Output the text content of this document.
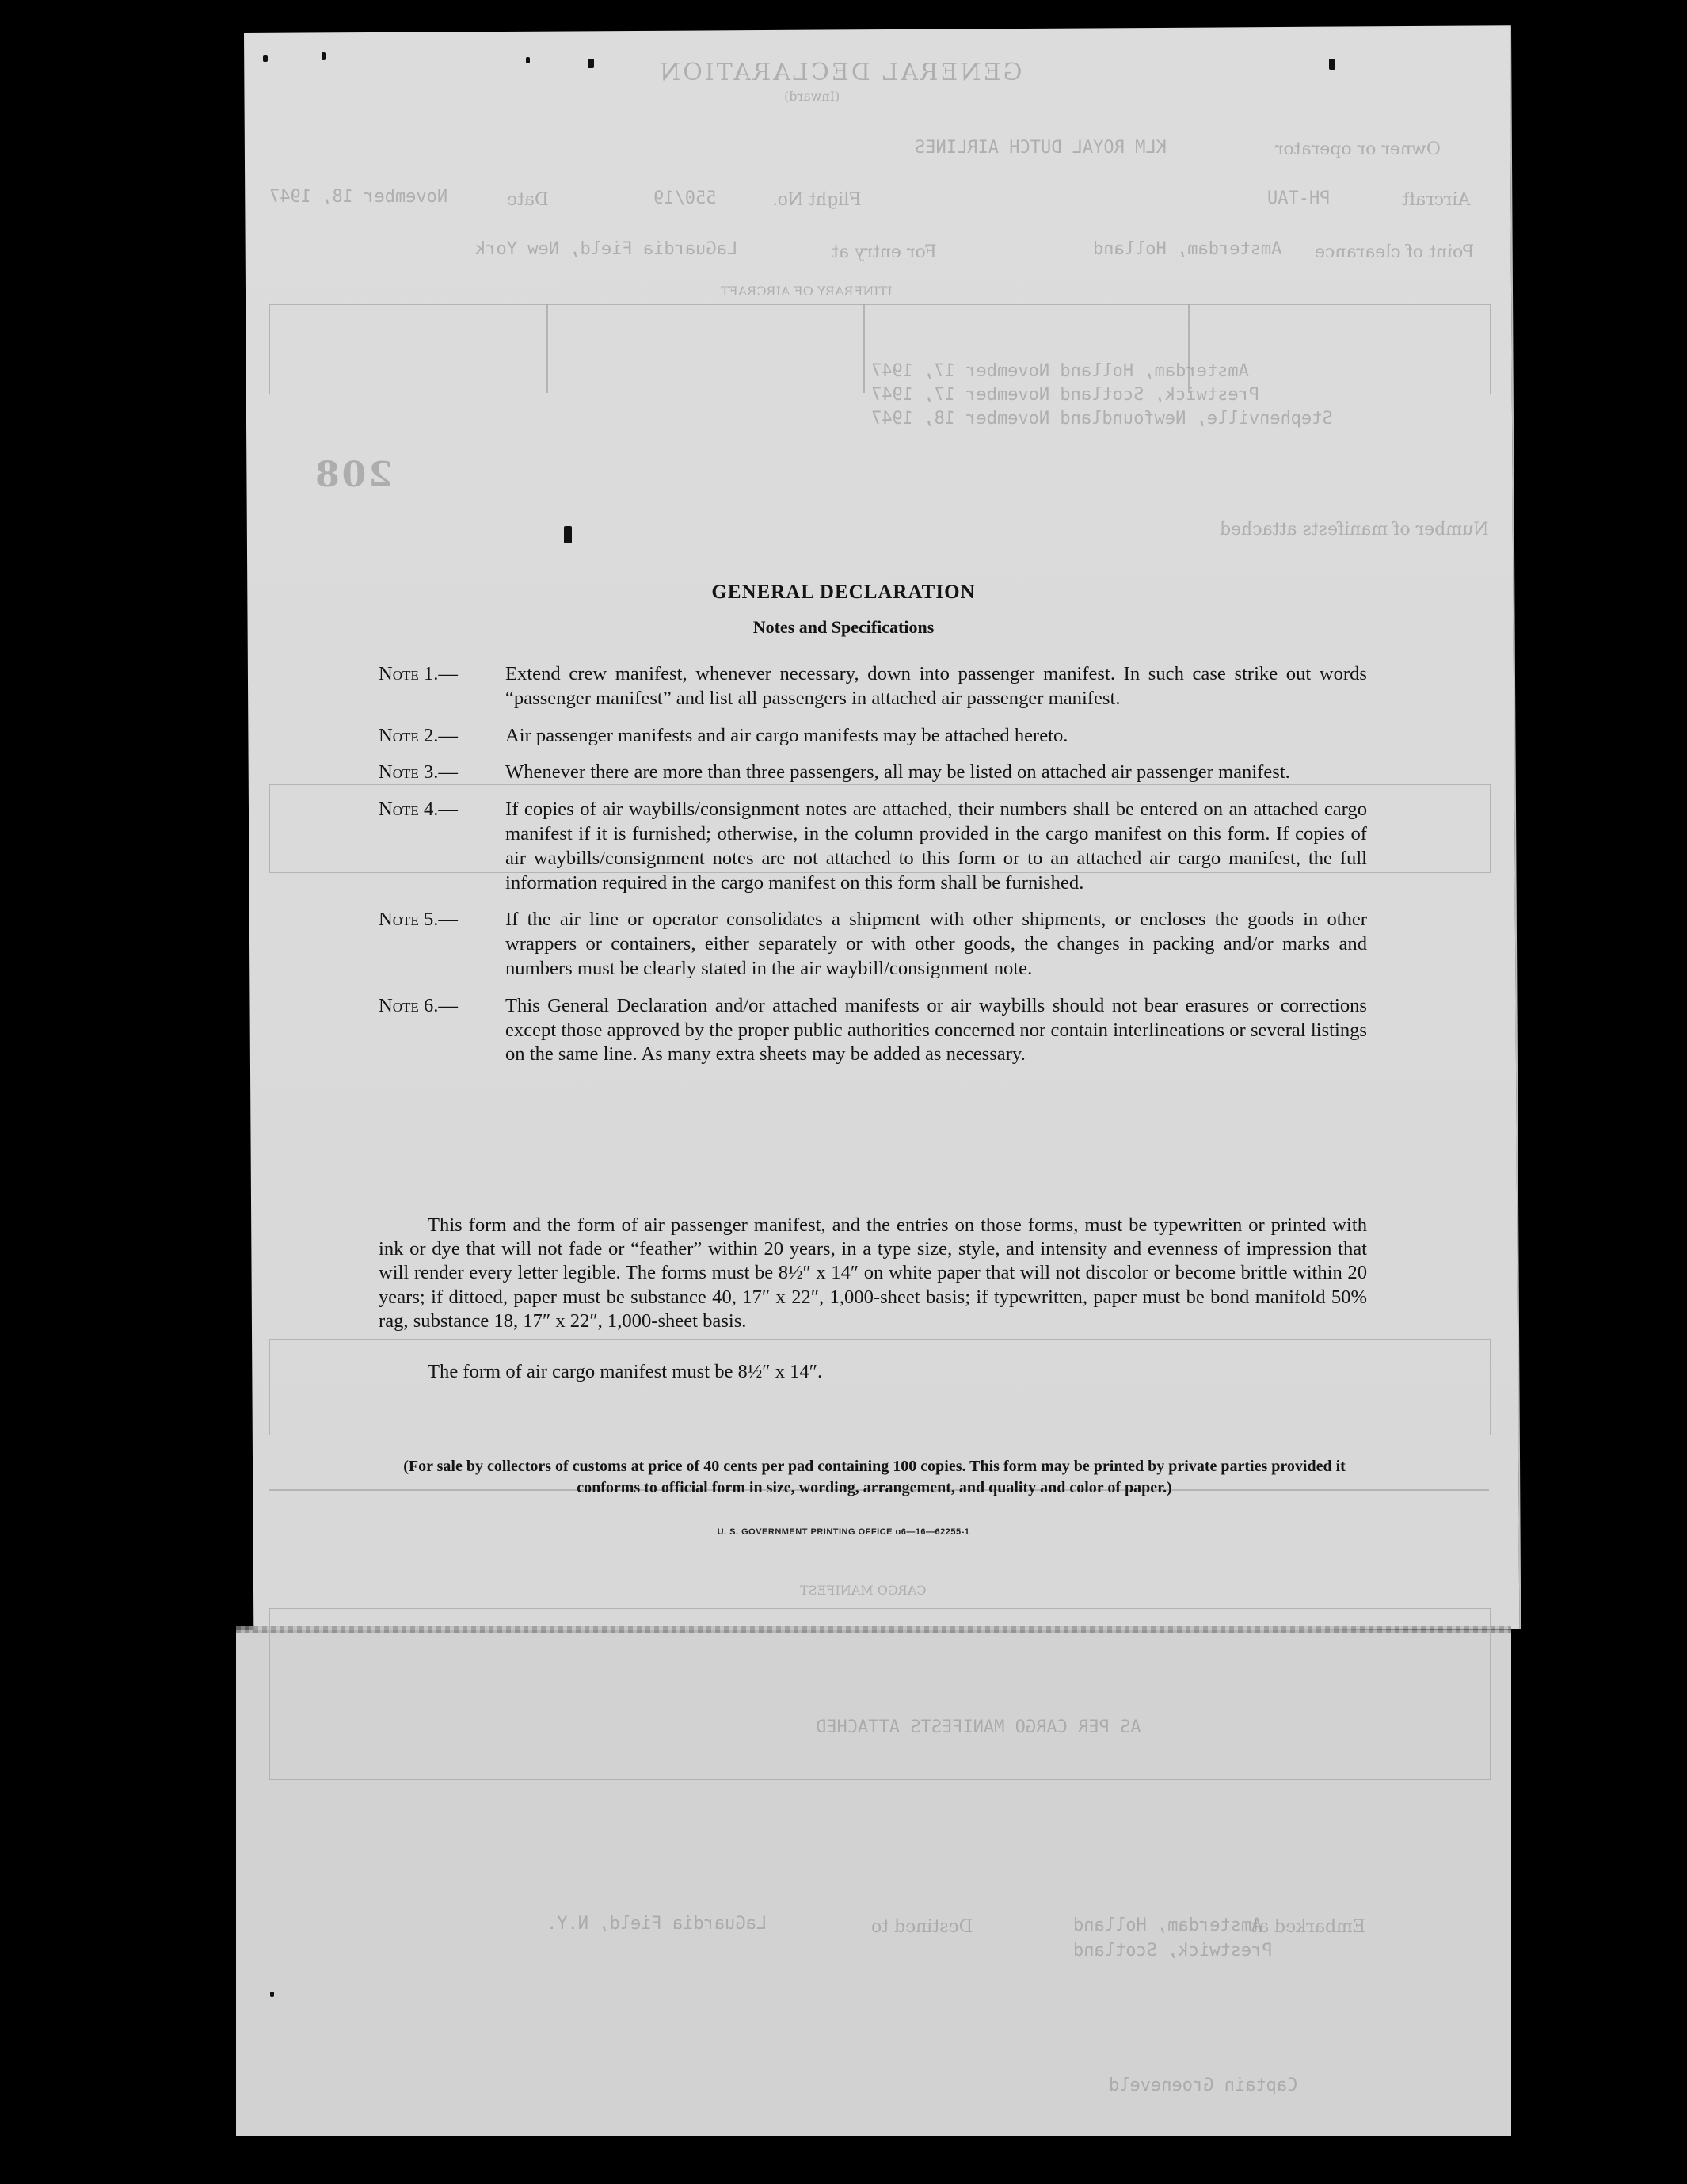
GENERAL DECLARATION
(Inward)
Owner or operator
KLM ROYAL DUTCH AIRLINES
Aircraft
PH-TAU
Flight No.
550/19
Date
November 18, 1947
Point of clearance
Amsterdam, Holland
For entry at
LaGuardia Field, New York
ITINERARY OF AIRCRAFT
Amsterdam, Holland November 17, 1947
Prestwick, Scotland November 17, 1947
Stephenville, Newfoundland November 18, 1947
208
Number of manifests attached
CARGO MANIFEST
AS PER CARGO MANIFESTS ATTACHED
Embarked at
Amsterdam, Holland
Prestwick, Scotland
Destined to
LaGuardia Field, N.Y.
Captain Groeneveld
GENERAL DECLARATION
Notes and Specifications
Note 1.—	Extend crew manifest, whenever necessary, down into passenger manifest. In such case strike out words “passenger manifest” and list all passengers in attached air passenger manifest.
Note 2.—	Air passenger manifests and air cargo manifests may be attached hereto.
Note 3.—	Whenever there are more than three passengers, all may be listed on attached air passenger manifest.
Note 4.—	If copies of air waybills/consignment notes are attached, their numbers shall be entered on an attached cargo manifest if it is furnished; otherwise, in the column provided in the cargo manifest on this form. If copies of air waybills/consignment notes are not attached to this form or to an attached air cargo manifest, the full information required in the cargo manifest on this form shall be furnished.
Note 5.—	If the air line or operator consolidates a shipment with other shipments, or encloses the goods in other wrappers or containers, either separately or with other goods, the changes in packing and/or marks and numbers must be clearly stated in the air waybill/consignment note.
Note 6.—	This General Declaration and/or attached manifests or air waybills should not bear erasures or corrections except those approved by the proper public authorities concerned nor contain interlineations or several listings on the same line. As many extra sheets may be added as necessary.
This form and the form of air passenger manifest, and the entries on those forms, must be typewritten or printed with ink or dye that will not fade or “feather” within 20 years, in a type size, style, and intensity and evenness of impression that will render every letter legible. The forms must be 8½″ x 14″ on white paper that will not discolor or become brittle within 20 years; if dittoed, paper must be substance 40, 17″ x 22″, 1,000-sheet basis; if typewritten, paper must be bond manifold 50% rag, substance 18, 17″ x 22″, 1,000-sheet basis.
The form of air cargo manifest must be 8½″ x 14″.
(For sale by collectors of customs at price of 40 cents per pad containing 100 copies. This form may be printed by private parties provided it conforms to official form in size, wording, arrangement, and quality and color of paper.)
U. S. GOVERNMENT PRINTING OFFICE o6—16—62255-1
